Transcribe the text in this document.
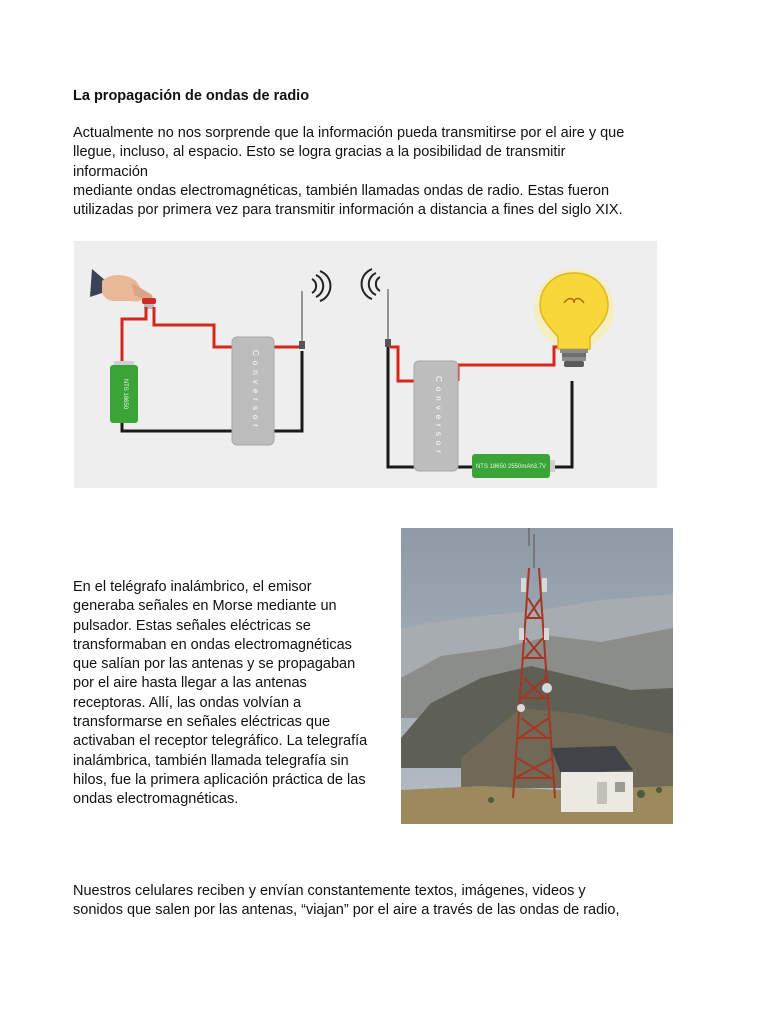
La propagación de ondas de radio

Actualmente no nos sorprende que la información pueda transmitirse por el aire y que
llegue, incluso, al espacio. Esto se logra gracias a la posibilidad de transmitir
información
mediante ondas electromagnéticas, también llamadas ondas de radio. Estas fueron
utilizadas por primera vez para transmitir información a distancia a fines del siglo XIX.

NTS 18650	Conversor	Conversor
NTS 18650 2550mAh3.7V
En el telégrafo inalámbrico, el emisor
generaba señales en Morse mediante un
pulsador. Estas señales eléctricas se
transformaban en ondas electromagnéticas
que salían por las antenas y se propagaban
por el aire hasta llegar a las antenas
receptoras. Allí, las ondas volvían a
transformarse en señales eléctricas que
activaban el receptor telegráfico. La telegrafía
inalámbrica, también llamada telegrafía sin
hilos, fue la primera aplicación práctica de las
ondas electromagnéticas.

Nuestros celulares reciben y envían constantemente textos, imágenes, videos y
sonidos que salen por las antenas, “viajan” por el aire a través de las ondas de radio,
